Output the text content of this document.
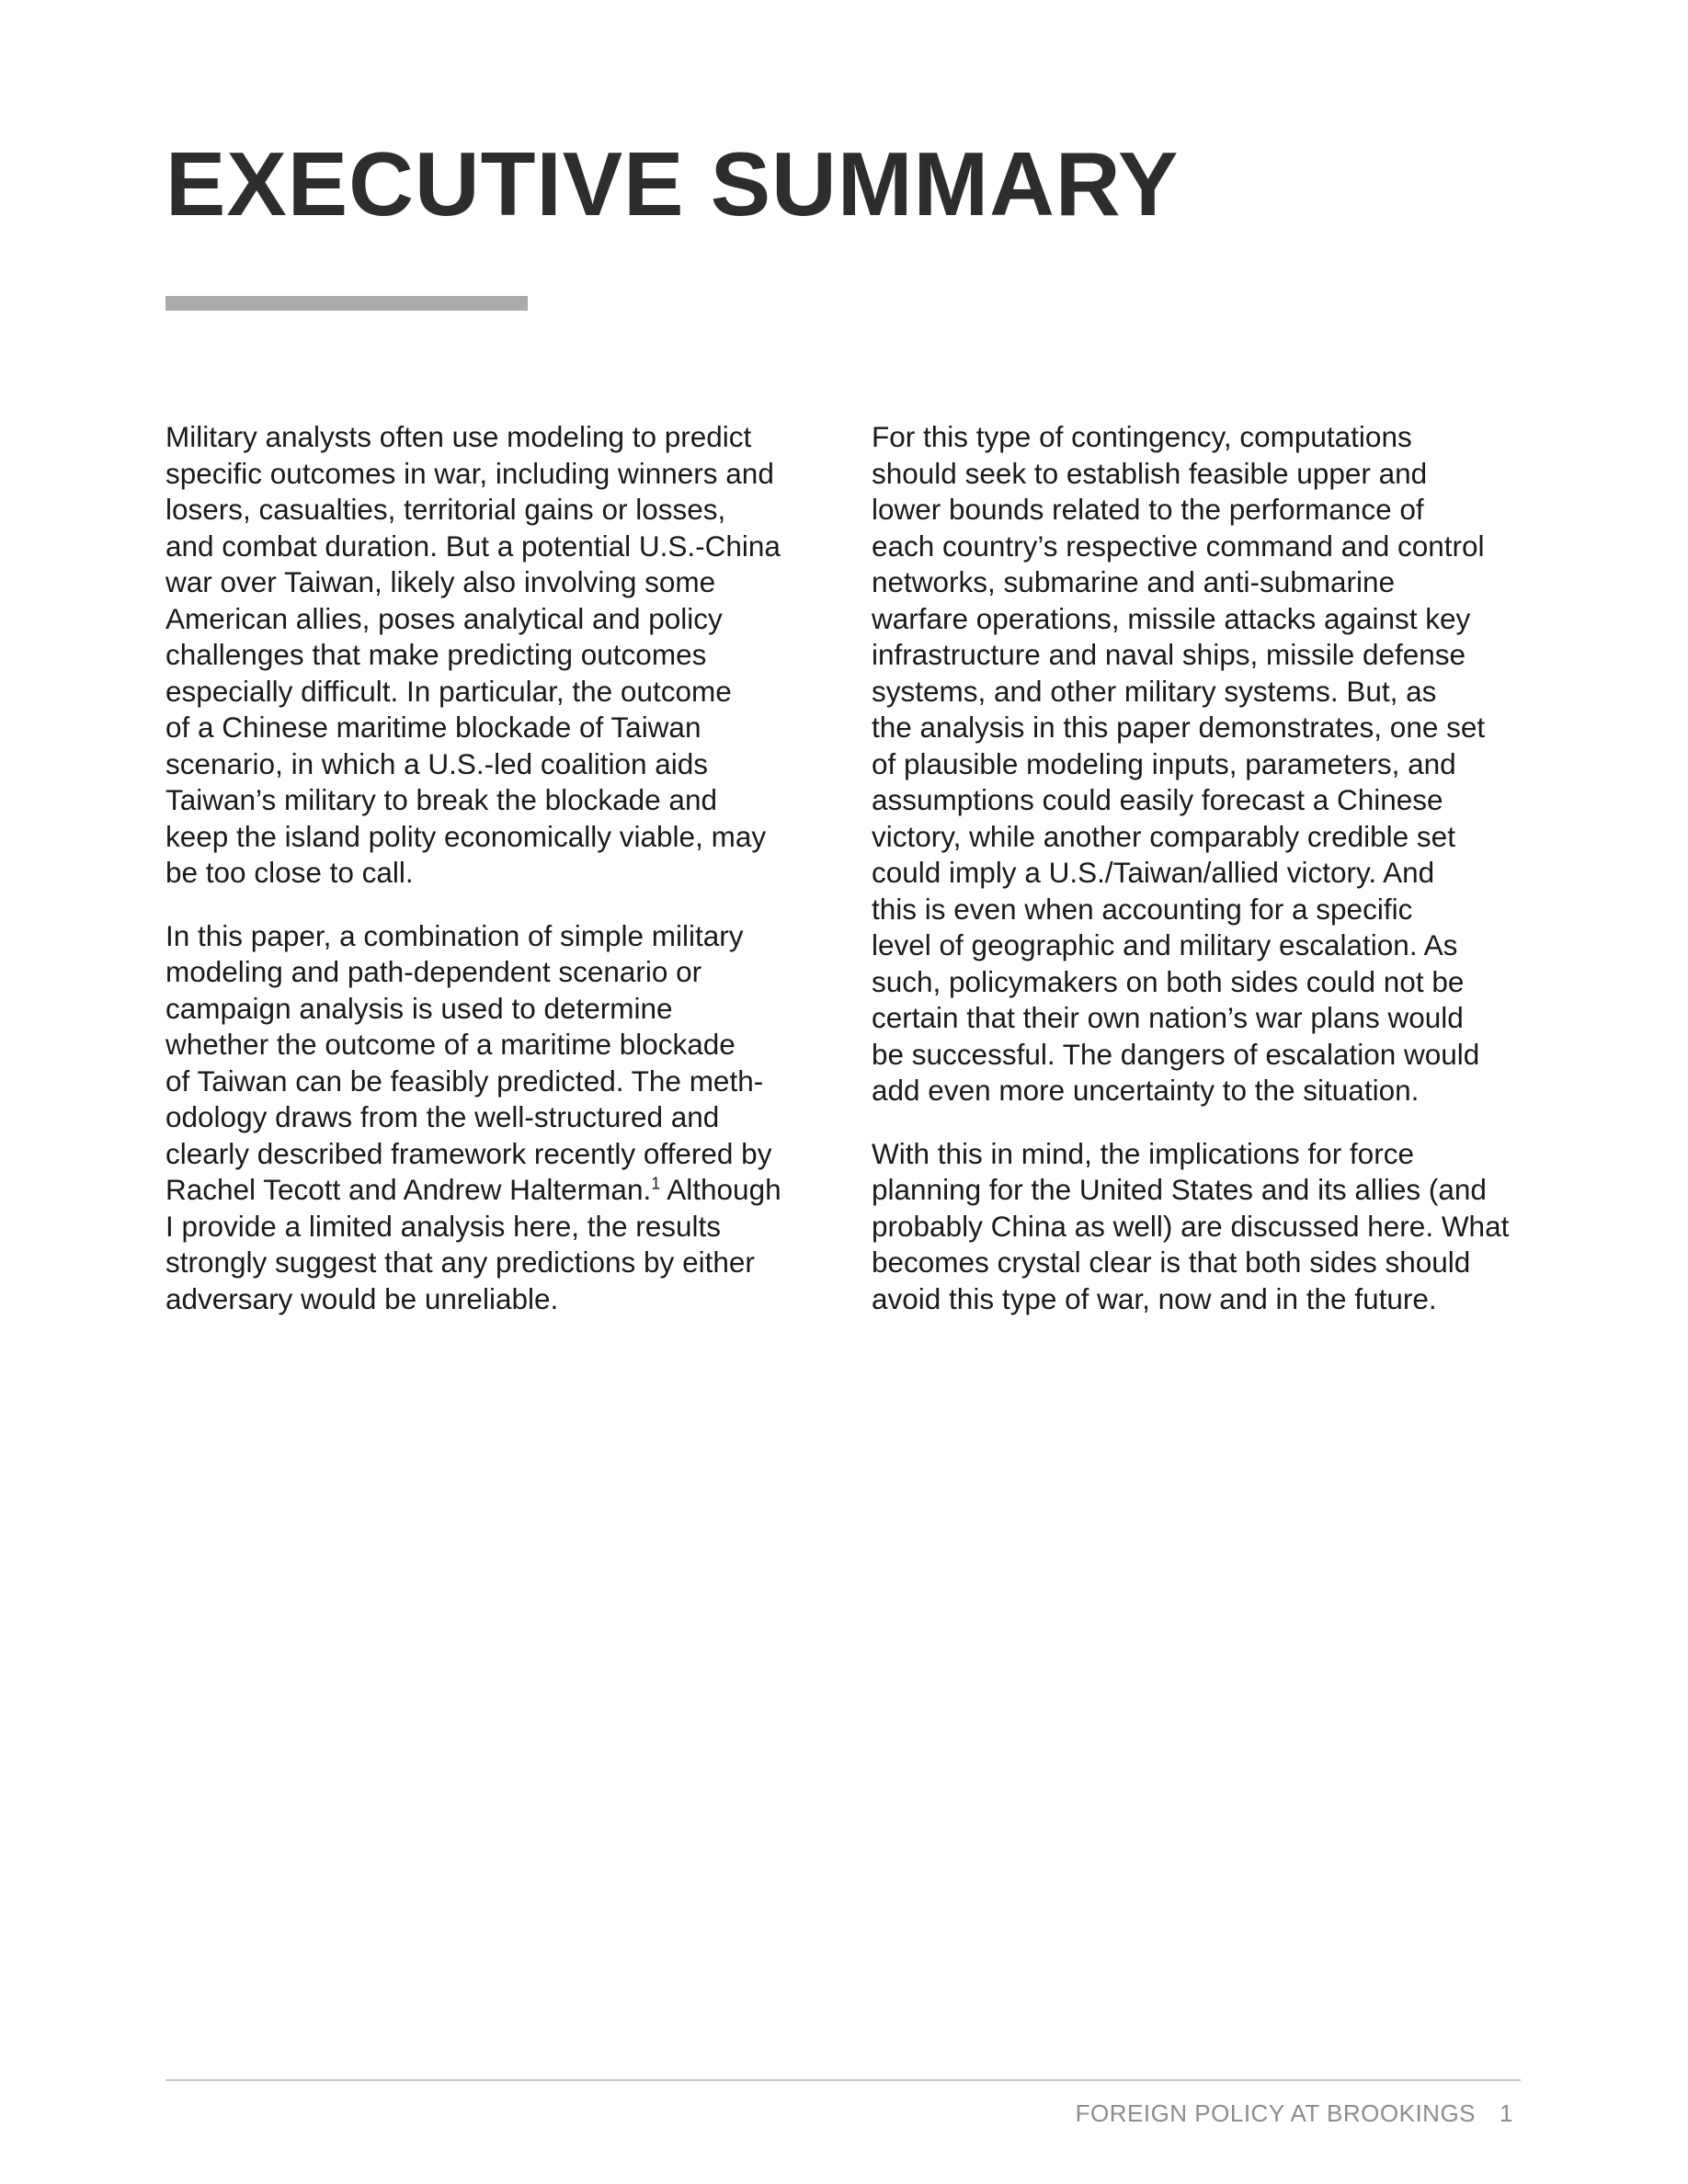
EXECUTIVE SUMMARY

Military analysts often use modeling to predict
specific outcomes in war, including winners and
losers, casualties, territorial gains or losses,
and combat duration. But a potential U.S.-China
war over Taiwan, likely also involving some
American allies, poses analytical and policy
challenges that make predicting outcomes
especially difficult. In particular, the outcome
of a Chinese maritime blockade of Taiwan
scenario, in which a U.S.-led coalition aids
Taiwan’s military to break the blockade and
keep the island polity economically viable, may
be too close to call.

In this paper, a combination of simple military
modeling and path-dependent scenario or
campaign analysis is used to determine
whether the outcome of a maritime blockade
of Taiwan can be feasibly predicted. The meth-
odology draws from the well-structured and
clearly described framework recently offered by
Rachel Tecott and Andrew Halterman.$^1$ Although
I provide a limited analysis here, the results
strongly suggest that any predictions by either
adversary would be unreliable.

For this type of contingency, computations
should seek to establish feasible upper and
lower bounds related to the performance of
each country’s respective command and control
networks, submarine and anti-submarine
warfare operations, missile attacks against key
infrastructure and naval ships, missile defense
systems, and other military systems. But, as
the analysis in this paper demonstrates, one set
of plausible modeling inputs, parameters, and
assumptions could easily forecast a Chinese
victory, while another comparably credible set
could imply a U.S./Taiwan/allied victory. And
this is even when accounting for a specific
level of geographic and military escalation. As
such, policymakers on both sides could not be
certain that their own nation’s war plans would
be successful. The dangers of escalation would
add even more uncertainty to the situation.

With this in mind, the implications for force
planning for the United States and its allies (and
probably China as well) are discussed here. What
becomes crystal clear is that both sides should
avoid this type of war, now and in the future.

FOREIGN POLICY AT BROOKINGS 1
